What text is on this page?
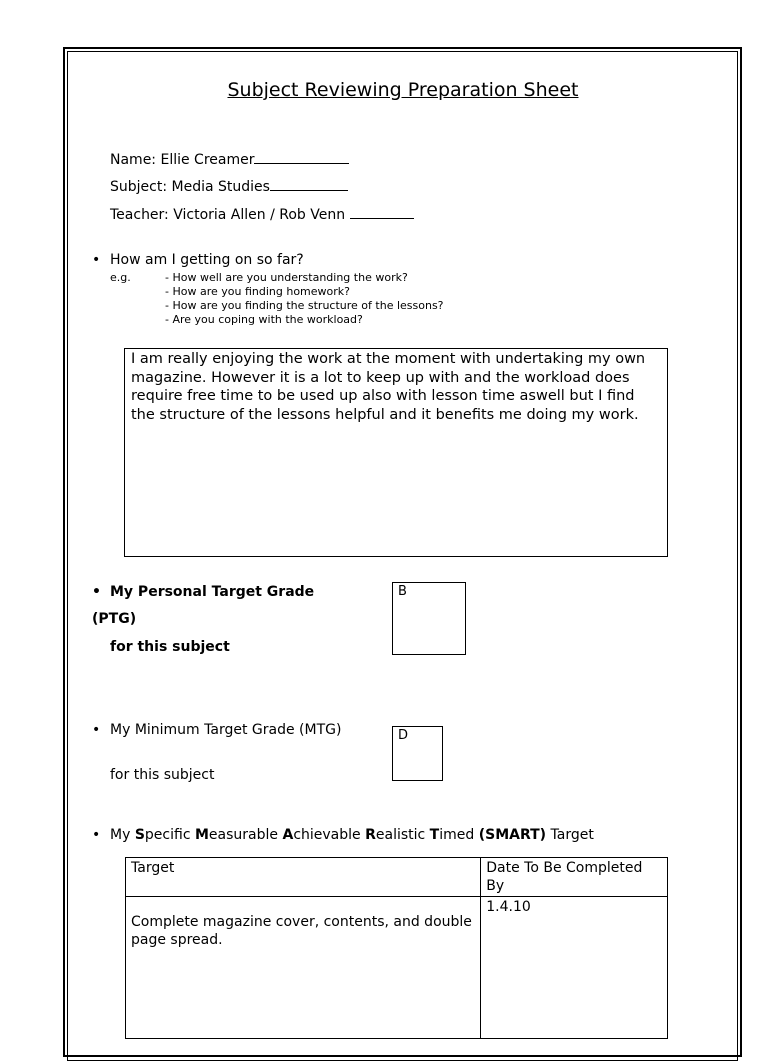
Subject Reviewing Preparation Sheet
Name: Ellie Creamer
Subject: Media Studies
Teacher: Victoria Allen / Rob Venn
• How am I getting on so far?
e.g.	- How well are you understanding the work?
- How are you finding homework?
- How are you finding the structure of the lessons?
- Are you coping with the workload?
I am really enjoying the work at the moment with undertaking my own magazine. However it is a lot to keep up with and the workload does require free time to be used up also with lesson time aswell but I find the structure of the lessons helpful and it benefits me doing my work.
• My Personal Target Grade
(PTG)
for this subject
B
• My Minimum Target Grade (MTG)
for this subject
D
• My Specific Measurable Achievable Realistic Timed (SMART) Target
Target	Date To Be Completed By
Complete magazine cover, contents, and double page spread.	1.4.10
